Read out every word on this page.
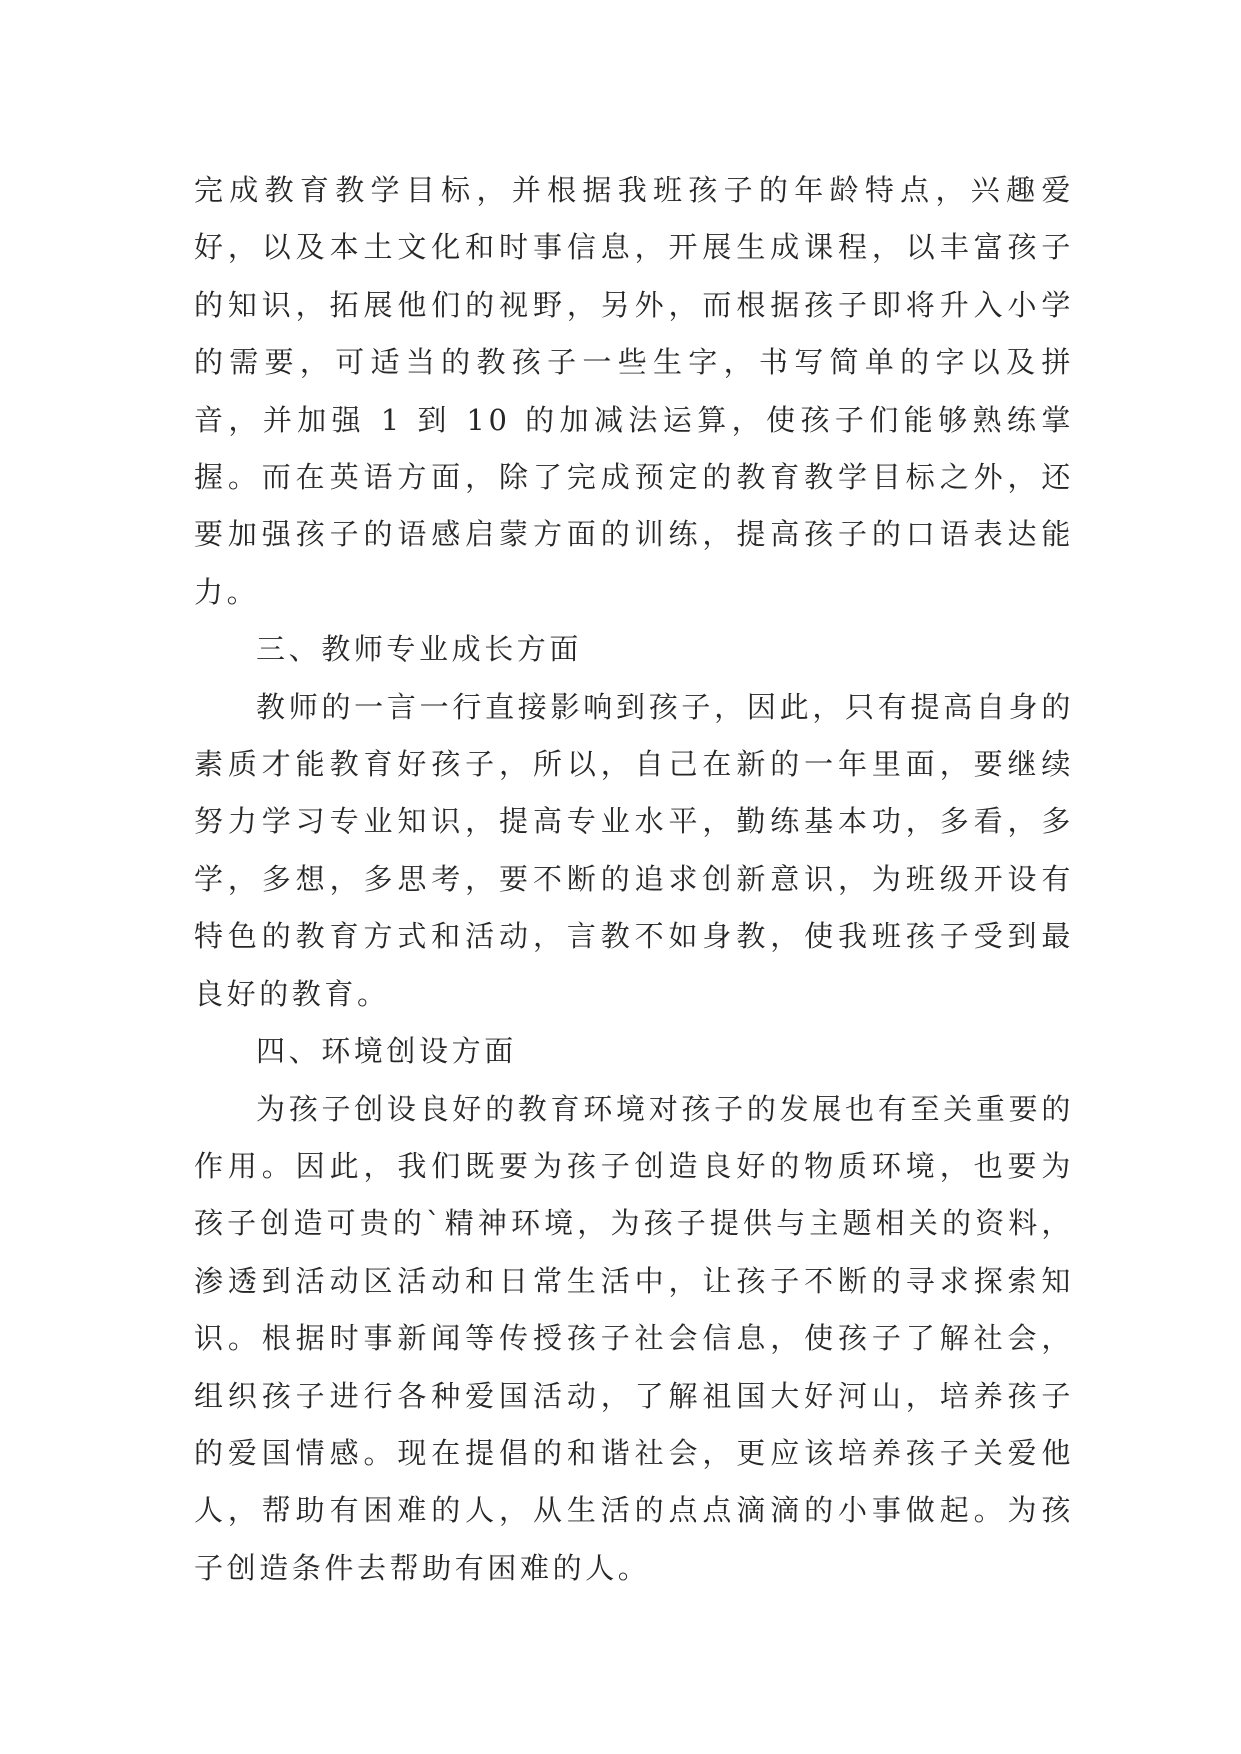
完成教育教学目标，并根据我班孩子的年龄特点，兴趣爱好，以及本土文化和时事信息，开展生成课程，以丰富孩子的知识，拓展他们的视野，另外，而根据孩子即将升入小学的需要，可适当的教孩子一些生字，书写简单的字以及拼音，并加强 1 到 10 的加减法运算，使孩子们能够熟练掌握。而在英语方面，除了完成预定的教育教学目标之外，还要加强孩子的语感启蒙方面的训练，提高孩子的口语表达能力。

三、教师专业成长方面

教师的一言一行直接影响到孩子，因此，只有提高自身的素质才能教育好孩子，所以，自己在新的一年里面，要继续努力学习专业知识，提高专业水平，勤练基本功，多看，多学，多想，多思考，要不断的追求创新意识，为班级开设有特色的教育方式和活动，言教不如身教，使我班孩子受到最良好的教育。

四、环境创设方面

为孩子创设良好的教育环境对孩子的发展也有至关重要的作用。因此，我们既要为孩子创造良好的物质环境，也要为孩子创造可贵的`精神环境，为孩子提供与主题相关的资料，渗透到活动区活动和日常生活中，让孩子不断的寻求探索知识。根据时事新闻等传授孩子社会信息，使孩子了解社会，组织孩子进行各种爱国活动，了解祖国大好河山，培养孩子的爱国情感。现在提倡的和谐社会，更应该培养孩子关爱他人，帮助有困难的人，从生活的点点滴滴的小事做起。为孩子创造条件去帮助有困难的人。
